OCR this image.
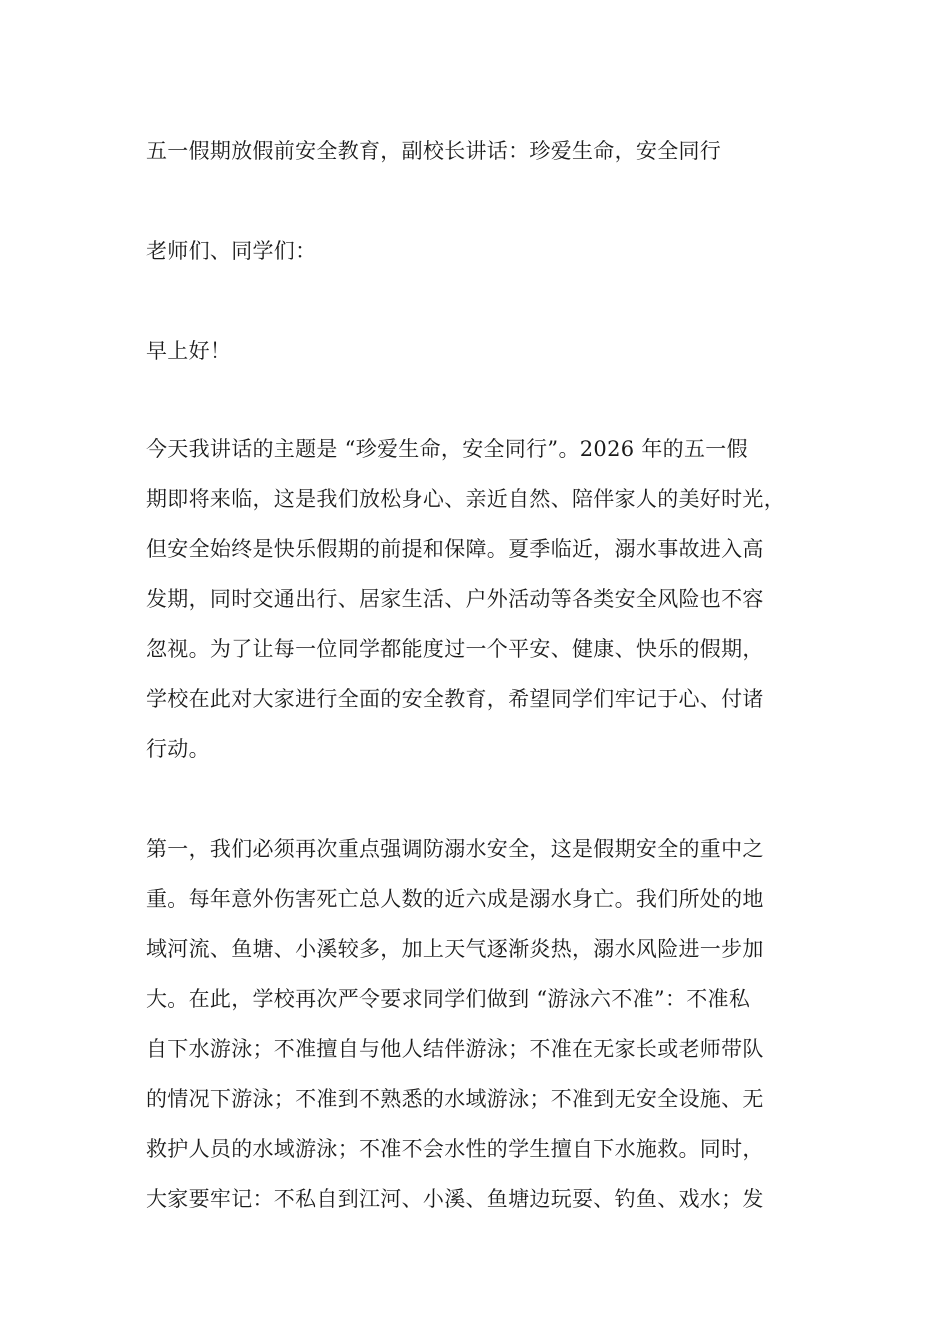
五一假期放假前安全教育，副校长讲话：珍爱生命，安全同行
老师们、同学们：
早上好！
今天我讲话的主题是 “珍爱生命，安全同行”。2026 年的五一假
期即将来临，这是我们放松身心、亲近自然、陪伴家人的美好时光，
但安全始终是快乐假期的前提和保障。夏季临近，溺水事故进入高
发期，同时交通出行、居家生活、户外活动等各类安全风险也不容
忽视。为了让每一位同学都能度过一个平安、健康、快乐的假期，
学校在此对大家进行全面的安全教育，希望同学们牢记于心、付诸
行动。
第一，我们必须再次重点强调防溺水安全，这是假期安全的重中之
重。每年意外伤害死亡总人数的近六成是溺水身亡。我们所处的地
域河流、鱼塘、小溪较多，加上天气逐渐炎热，溺水风险进一步加
大。在此，学校再次严令要求同学们做到 “游泳六不准”：不准私
自下水游泳；不准擅自与他人结伴游泳；不准在无家长或老师带队
的情况下游泳；不准到不熟悉的水域游泳；不准到无安全设施、无
救护人员的水域游泳；不准不会水性的学生擅自下水施救。同时，
大家要牢记：不私自到江河、小溪、鱼塘边玩耍、钓鱼、戏水；发
